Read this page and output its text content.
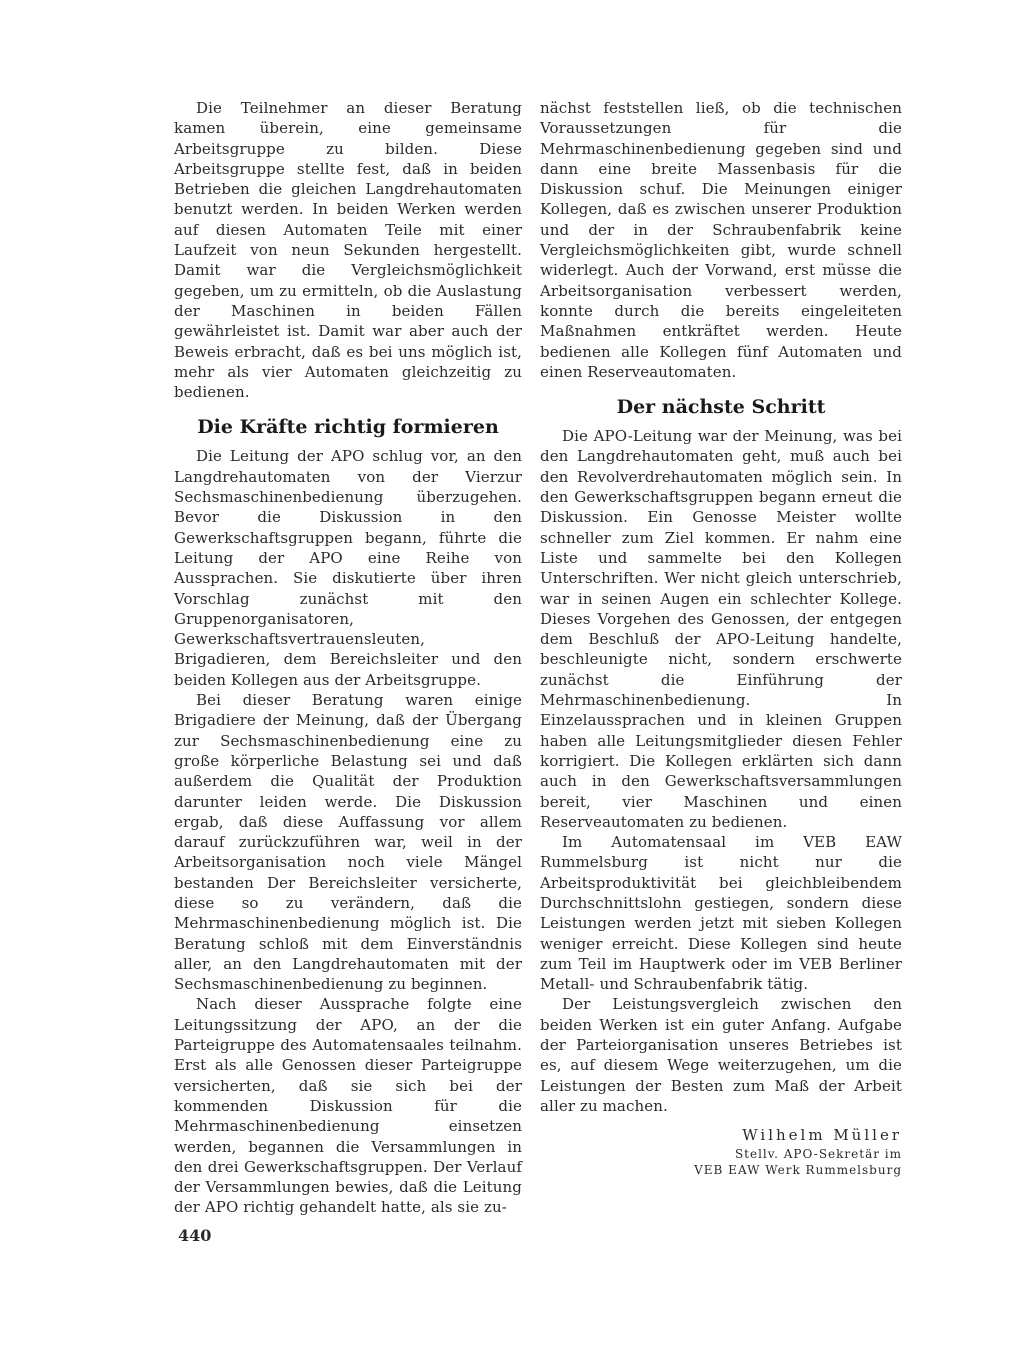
Die Teilnehmer an dieser Beratung kamen überein, eine gemeinsame Arbeitsgruppe zu bilden. Diese Arbeitsgruppe stellte fest, daß in beiden Betrieben die gleichen Langdrehautomaten benutzt werden. In beiden Werken werden auf diesen Automaten Teile mit einer Laufzeit von neun Sekunden hergestellt. Damit war die Vergleichsmöglichkeit gegeben, um zu ermitteln, ob die Auslastung der Maschinen in beiden Fällen gewährleistet ist. Damit war aber auch der Beweis erbracht, daß es bei uns möglich ist, mehr als vier Automaten gleichzeitig zu bedienen.

Die Kräfte richtig formieren

Die Leitung der APO schlug vor, an den Langdrehautomaten von der Vierzur Sechsmaschinenbedienung überzugehen. Bevor die Diskussion in den Gewerkschaftsgruppen begann, führte die Leitung der APO eine Reihe von Aussprachen. Sie diskutierte über ihren Vorschlag zunächst mit den Gruppenorganisatoren, Gewerkschaftsvertrauensleuten, Brigadieren, dem Bereichsleiter und den beiden Kollegen aus der Arbeitsgruppe.

Bei dieser Beratung waren einige Brigadiere der Meinung, daß der Übergang zur Sechsmaschinenbedienung eine zu große körperliche Belastung sei und daß außerdem die Qualität der Produktion darunter leiden werde. Die Diskussion ergab, daß diese Auffassung vor allem darauf zurückzuführen war, weil in der Arbeitsorganisation noch viele Mängel bestanden Der Bereichsleiter versicherte, diese so zu verändern, daß die Mehrmaschinenbedienung möglich ist. Die Beratung schloß mit dem Einverständnis aller, an den Langdrehautomaten mit der Sechsmaschinenbedienung zu beginnen.

Nach dieser Aussprache folgte eine Leitungssitzung der APO, an der die Parteigruppe des Automatensaales teilnahm. Erst als alle Genossen dieser Parteigruppe versicherten, daß sie sich bei der kommenden Diskussion für die Mehrmaschinenbedienung einsetzen werden, begannen die Versammlungen in den drei Gewerkschaftsgruppen. Der Verlauf der Versammlungen bewies, daß die Leitung der APO richtig gehandelt hatte, als sie zu-

nächst feststellen ließ, ob die technischen Voraussetzungen für die Mehrmaschinenbedienung gegeben sind und dann eine breite Massenbasis für die Diskussion schuf. Die Meinungen einiger Kollegen, daß es zwischen unserer Produktion und der in der Schraubenfabrik keine Vergleichsmöglichkeiten gibt, wurde schnell widerlegt. Auch der Vorwand, erst müsse die Arbeitsorganisation verbessert werden, konnte durch die bereits eingeleiteten Maßnahmen entkräftet werden. Heute bedienen alle Kollegen fünf Automaten und einen Reserveautomaten.

Der nächste Schritt

Die APO-Leitung war der Meinung, was bei den Langdrehautomaten geht, muß auch bei den Revolverdrehautomaten möglich sein. In den Gewerkschaftsgruppen begann erneut die Diskussion. Ein Genosse Meister wollte schneller zum Ziel kommen. Er nahm eine Liste und sammelte bei den Kollegen Unterschriften. Wer nicht gleich unterschrieb, war in seinen Augen ein schlechter Kollege. Dieses Vorgehen des Genossen, der entgegen dem Beschluß der APO-Leitung handelte, beschleunigte nicht, sondern erschwerte zunächst die Einführung der Mehrmaschinenbedienung. In Einzelaussprachen und in kleinen Gruppen haben alle Leitungsmitglieder diesen Fehler korrigiert. Die Kollegen erklärten sich dann auch in den Gewerkschaftsversammlungen bereit, vier Maschinen und einen Reserveautomaten zu bedienen.

Im Automatensaal im VEB EAW Rummelsburg ist nicht nur die Arbeitsproduktivität bei gleichbleibendem Durchschnittslohn gestiegen, sondern diese Leistungen werden jetzt mit sieben Kollegen weniger erreicht. Diese Kollegen sind heute zum Teil im Hauptwerk oder im VEB Berliner Metall- und Schraubenfabrik tätig.

Der Leistungsvergleich zwischen den beiden Werken ist ein guter Anfang. Aufgabe der Parteiorganisation unseres Betriebes ist es, auf diesem Wege weiterzugehen, um die Leistungen der Besten zum Maß der Arbeit aller zu machen.

Wilhelm Müller
Stellv. APO-Sekretär im
VEB EAW Werk Rummelsburg
440
